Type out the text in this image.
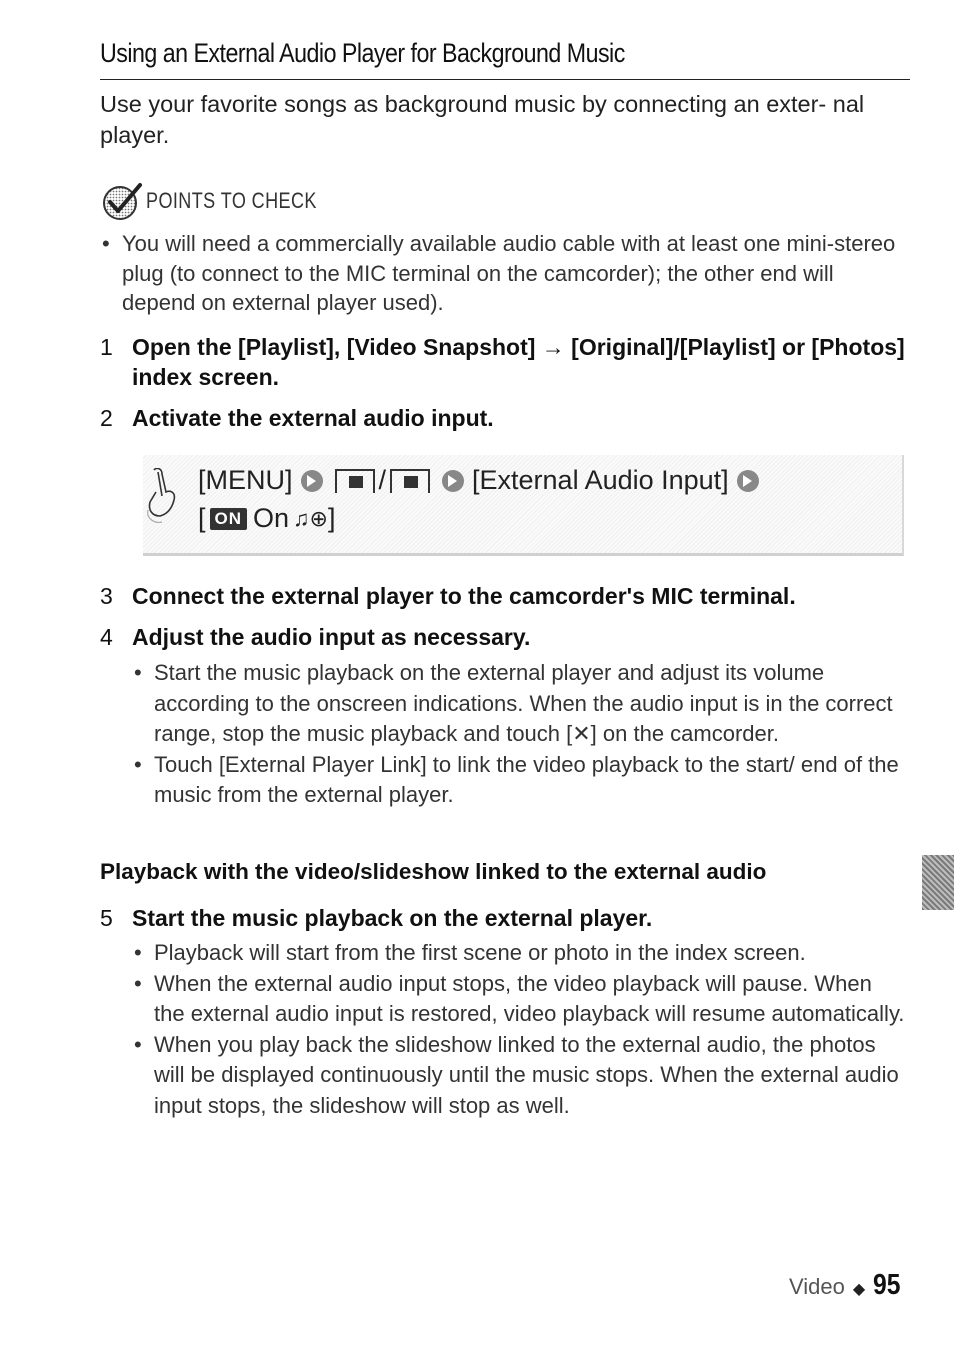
Using an External Audio Player for Background Music
Use your favorite songs as background music by connecting an exter- nal player.
POINTS TO CHECK
• You will need a commercially available audio cable with at least one mini-stereo plug (to connect to the MIC terminal on the camcorder); the other end will depend on external player used).
1 Open the [Playlist], [Video Snapshot] → [Original]/[Playlist] or [Photos] index screen.
2 Activate the external audio input.
[MENU]	/	[External Audio Input]
[ ON On ♫⊕ ]
3 Connect the external player to the camcorder's MIC terminal.
4 Adjust the audio input as necessary.
• Start the music playback on the external player and adjust its volume according to the onscreen indications. When the audio input is in the correct range, stop the music playback and touch [✕] on the camcorder.
• Touch [External Player Link] to link the video playback to the start/ end of the music from the external player.
Playback with the video/slideshow linked to the external audio
5 Start the music playback on the external player.
• Playback will start from the first scene or photo in the index screen.
• When the external audio input stops, the video playback will pause. When the external audio input is restored, video playback will resume automatically.
• When you play back the slideshow linked to the external audio, the photos will be displayed continuously until the music stops. When the external audio input stops, the slideshow will stop as well.
Video ◆ 95
